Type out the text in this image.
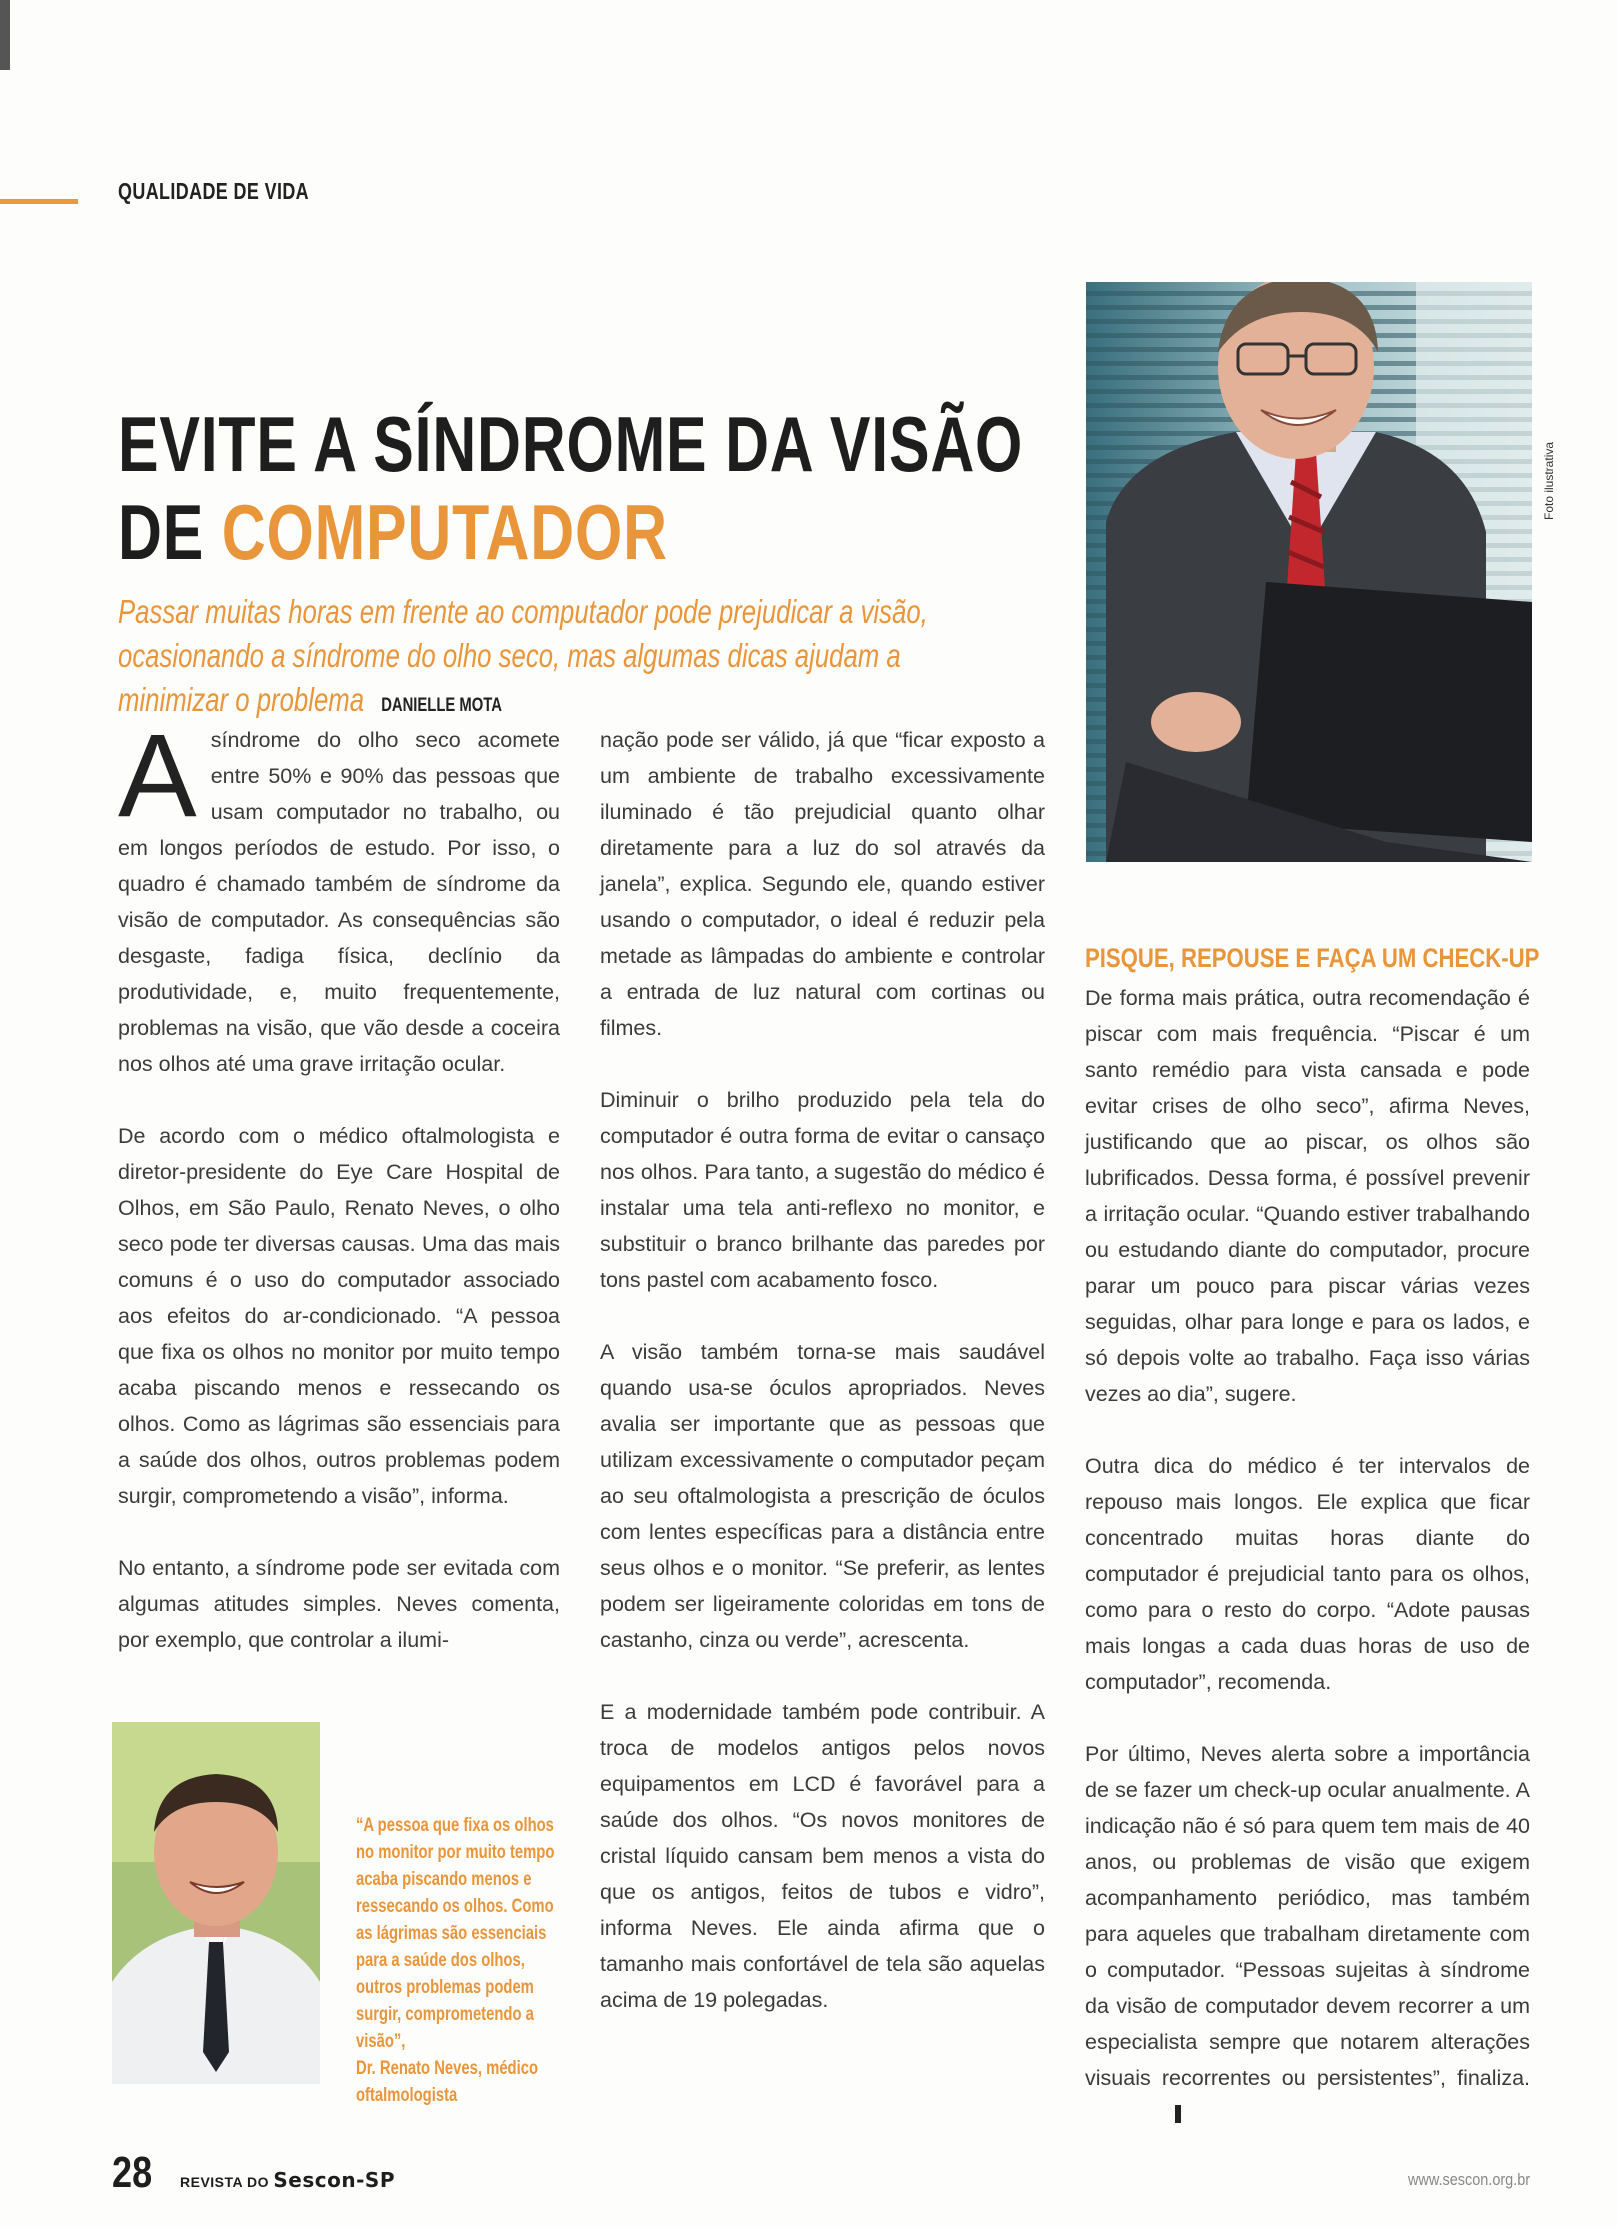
QUALIDADE DE VIDA
EVITE A SÍNDROME DA VISÃO
DE COMPUTADOR
Passar muitas horas em frente ao computador pode prejudicar a visão, ocasionando a síndrome do olho seco, mas algumas dicas ajudam a minimizar o problema DANIELLE MOTA
Foto ilustrativa

Asíndrome do olho seco acomete entre 50% e 90% das pessoas que usam computador no trabalho, ou em longos períodos de estudo. Por isso, o quadro é chamado também de síndrome da visão de computador. As consequências são desgaste, fadiga física, declínio da produtividade, e, muito frequentemente, problemas na visão, que vão desde a coceira nos olhos até uma grave irritação ocular.

De acordo com o médico oftalmologista e diretor-presidente do Eye Care Hospital de Olhos, em São Paulo, Renato Neves, o olho seco pode ter diversas causas. Uma das mais comuns é o uso do computador associado aos efeitos do ar-condicionado. “A pessoa que fixa os olhos no monitor por muito tempo acaba piscando menos e ressecando os olhos. Como as lágrimas são essenciais para a saúde dos olhos, outros problemas podem surgir, comprometendo a visão”, informa.

No entanto, a síndrome pode ser evitada com algumas atitudes simples. Neves comenta, por exemplo, que controlar a ilumi-

“A pessoa que fixa os olhos no monitor por muito tempo acaba piscando menos e ressecando os olhos. Como as lágrimas são essenciais para a saúde dos olhos, outros problemas podem surgir, comprometendo a visão”,
Dr. Renato Neves, médico oftalmologista

nação pode ser válido, já que “ficar exposto a um ambiente de trabalho excessivamente iluminado é tão prejudicial quanto olhar diretamente para a luz do sol através da janela”, explica. Segundo ele, quando estiver usando o computador, o ideal é reduzir pela metade as lâmpadas do ambiente e controlar a entrada de luz natural com cortinas ou filmes.

Diminuir o brilho produzido pela tela do computador é outra forma de evitar o cansaço nos olhos. Para tanto, a sugestão do médico é instalar uma tela anti-reflexo no monitor, e substituir o branco brilhante das paredes por tons pastel com acabamento fosco.

A visão também torna-se mais saudável quando usa-se óculos apropriados. Neves avalia ser importante que as pessoas que utilizam excessivamente o computador peçam ao seu oftalmologista a prescrição de óculos com lentes específicas para a distância entre seus olhos e o monitor. “Se preferir, as lentes podem ser ligeiramente coloridas em tons de castanho, cinza ou verde”, acrescenta.

E a modernidade também pode contribuir. A troca de modelos antigos pelos novos equipamentos em LCD é favorável para a saúde dos olhos. “Os novos monitores de cristal líquido cansam bem menos a vista do que os antigos, feitos de tubos e vidro”, informa Neves. Ele ainda afirma que o tamanho mais confortável de tela são aquelas acima de 19 polegadas.

PISQUE, REPOUSE E FAÇA UM CHECK-UP

De forma mais prática, outra recomendação é piscar com mais frequência. “Piscar é um santo remédio para vista cansada e pode evitar crises de olho seco”, afirma Neves, justificando que ao piscar, os olhos são lubrificados. Dessa forma, é possível prevenir a irritação ocular. “Quando estiver trabalhando ou estudando diante do computador, procure parar um pouco para piscar várias vezes seguidas, olhar para longe e para os lados, e só depois volte ao trabalho. Faça isso várias vezes ao dia”, sugere.

Outra dica do médico é ter intervalos de repouso mais longos. Ele explica que ficar concentrado muitas horas diante do computador é prejudicial tanto para os olhos, como para o resto do corpo. “Adote pausas mais longas a cada duas horas de uso de computador”, recomenda.

Por último, Neves alerta sobre a importância de se fazer um check-up ocular anualmente. A indicação não é só para quem tem mais de 40 anos, ou problemas de visão que exigem acompanhamento periódico, mas também para aqueles que trabalham diretamente com o computador. “Pessoas sujeitas à síndrome da visão de computador devem recorrer a um especialista sempre que notarem alterações visuais recorrentes ou persistentes”, finaliza.

28 REVISTA DO Sescon-SP	www.sescon.org.br
